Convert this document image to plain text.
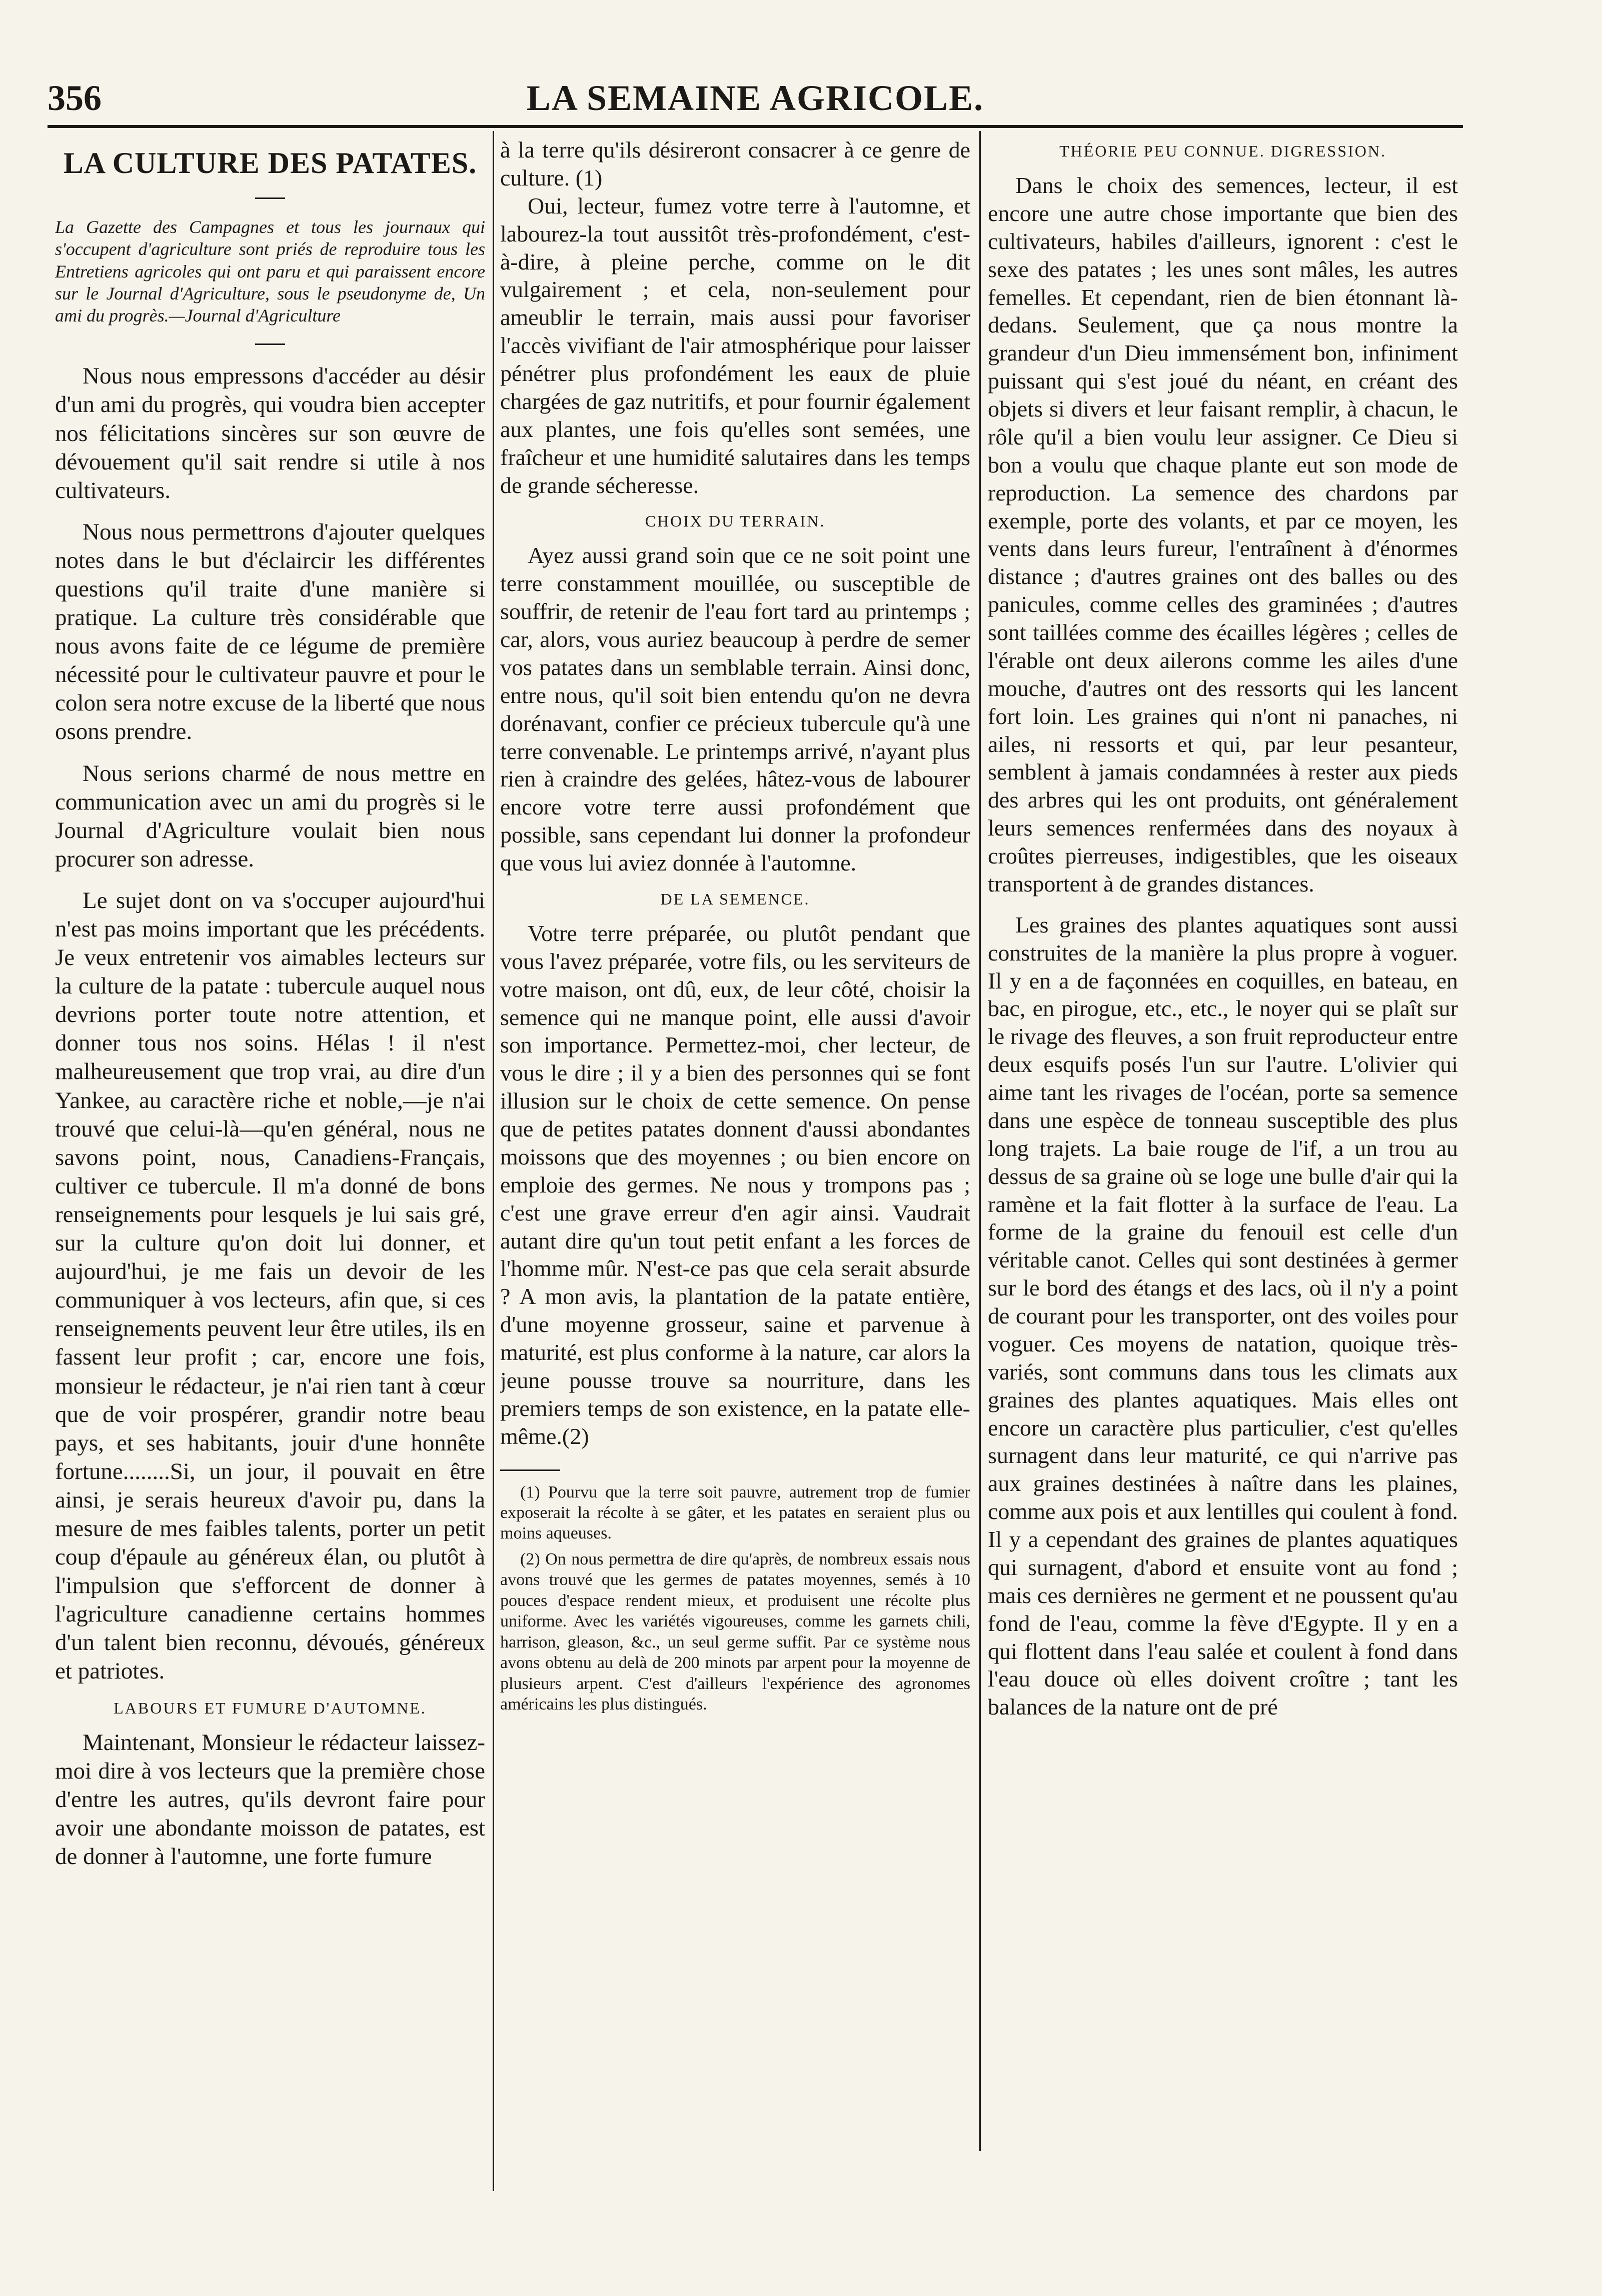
LA SEMAINE AGRICOLE.
356
LA CULTURE DES PATATES.

La Gazette des Campagnes et tous les journaux qui s'occupent d'agriculture sont priés de reproduire tous les Entretiens agricoles qui ont paru et qui paraissent encore sur le Journal d'Agriculture, sous le pseudonyme de, Un ami du progrès.—Journal d'Agriculture

Nous nous empressons d'accéder au désir d'un ami du progrès, qui voudra bien accepter nos félicitations sincères sur son œuvre de dévouement qu'il sait rendre si utile à nos cultivateurs.

Nous nous permettrons d'ajouter quelques notes dans le but d'éclaircir les différentes questions qu'il traite d'une manière si pratique. La culture très considérable que nous avons faite de ce légume de première nécessité pour le cultivateur pauvre et pour le colon sera notre excuse de la liberté que nous osons prendre.

Nous serions charmé de nous mettre en communication avec un ami du progrès si le Journal d'Agriculture voulait bien nous procurer son adresse.

Le sujet dont on va s'occuper aujourd'hui n'est pas moins important que les précédents. Je veux entretenir vos aimables lecteurs sur la culture de la patate : tubercule auquel nous devrions porter toute notre attention, et donner tous nos soins. Hélas ! il n'est malheureusement que trop vrai, au dire d'un Yankee, au caractère riche et noble,—je n'ai trouvé que celui-là—qu'en général, nous ne savons point, nous, Canadiens-Français, cultiver ce tubercule. Il m'a donné de bons renseignements pour lesquels je lui sais gré, sur la culture qu'on doit lui donner, et aujourd'hui, je me fais un devoir de les communiquer à vos lecteurs, afin que, si ces renseignements peuvent leur être utiles, ils en fassent leur profit ; car, encore une fois, monsieur le rédacteur, je n'ai rien tant à cœur que de voir prospérer, grandir notre beau pays, et ses habitants, jouir d'une honnête fortune........Si, un jour, il pouvait en être ainsi, je serais heureux d'avoir pu, dans la mesure de mes faibles talents, porter un petit coup d'épaule au généreux élan, ou plutôt à l'impulsion que s'efforcent de donner à l'agriculture canadienne certains hommes d'un talent bien reconnu, dévoués, généreux et patriotes.

LABOURS ET FUMURE D'AUTOMNE.

Maintenant, Monsieur le rédacteur laissez-moi dire à vos lecteurs que la première chose d'entre les autres, qu'ils devront faire pour avoir une abondante moisson de patates, est de donner à l'automne, une forte fumure

à la terre qu'ils désireront consacrer à ce genre de culture. (1)

Oui, lecteur, fumez votre terre à l'automne, et labourez-la tout aussitôt très-profondément, c'est-à-dire, à pleine perche, comme on le dit vulgairement ; et cela, non-seulement pour ameublir le terrain, mais aussi pour favoriser l'accès vivifiant de l'air atmosphérique pour laisser pénétrer plus profondément les eaux de pluie chargées de gaz nutritifs, et pour fournir également aux plantes, une fois qu'elles sont semées, une fraîcheur et une humidité salutaires dans les temps de grande sécheresse.

CHOIX DU TERRAIN.

Ayez aussi grand soin que ce ne soit point une terre constamment mouillée, ou susceptible de souffrir, de retenir de l'eau fort tard au printemps ; car, alors, vous auriez beaucoup à perdre de semer vos patates dans un semblable terrain. Ainsi donc, entre nous, qu'il soit bien entendu qu'on ne devra dorénavant, confier ce précieux tubercule qu'à une terre convenable. Le printemps arrivé, n'ayant plus rien à craindre des gelées, hâtez-vous de labourer encore votre terre aussi profondément que possible, sans cependant lui donner la profondeur que vous lui aviez donnée à l'automne.

DE LA SEMENCE.

Votre terre préparée, ou plutôt pendant que vous l'avez préparée, votre fils, ou les serviteurs de votre maison, ont dû, eux, de leur côté, choisir la semence qui ne manque point, elle aussi d'avoir son importance. Permettez-moi, cher lecteur, de vous le dire ; il y a bien des personnes qui se font illusion sur le choix de cette semence. On pense que de petites patates donnent d'aussi abondantes moissons que des moyennes ; ou bien encore on emploie des germes. Ne nous y trompons pas ; c'est une grave erreur d'en agir ainsi. Vaudrait autant dire qu'un tout petit enfant a les forces de l'homme mûr. N'est-ce pas que cela serait absurde ? A mon avis, la plantation de la patate entière, d'une moyenne grosseur, saine et parvenue à maturité, est plus conforme à la nature, car alors la jeune pousse trouve sa nourriture, dans les premiers temps de son existence, en la patate elle-même.(2)

(1) Pourvu que la terre soit pauvre, autrement trop de fumier exposerait la récolte à se gâter, et les patates en seraient plus ou moins aqueuses.

(2) On nous permettra de dire qu'après, de nombreux essais nous avons trouvé que les germes de patates moyennes, semés à 10 pouces d'espace rendent mieux, et produisent une récolte plus uniforme. Avec les variétés vigoureuses, comme les garnets chili, harrison, gleason, &c., un seul germe suffit. Par ce système nous avons obtenu au delà de 200 minots par arpent pour la moyenne de plusieurs arpent. C'est d'ailleurs l'expérience des agronomes américains les plus distingués.

THÉORIE PEU CONNUE. DIGRESSION.

Dans le choix des semences, lecteur, il est encore une autre chose importante que bien des cultivateurs, habiles d'ailleurs, ignorent : c'est le sexe des patates ; les unes sont mâles, les autres femelles. Et cependant, rien de bien étonnant là-dedans. Seulement, que ça nous montre la grandeur d'un Dieu immensément bon, infiniment puissant qui s'est joué du néant, en créant des objets si divers et leur faisant remplir, à chacun, le rôle qu'il a bien voulu leur assigner. Ce Dieu si bon a voulu que chaque plante eut son mode de reproduction. La semence des chardons par exemple, porte des volants, et par ce moyen, les vents dans leurs fureur, l'entraînent à d'énormes distance ; d'autres graines ont des balles ou des panicules, comme celles des graminées ; d'autres sont taillées comme des écailles légères ; celles de l'érable ont deux ailerons comme les ailes d'une mouche, d'autres ont des ressorts qui les lancent fort loin. Les graines qui n'ont ni panaches, ni ailes, ni ressorts et qui, par leur pesanteur, semblent à jamais condamnées à rester aux pieds des arbres qui les ont produits, ont généralement leurs semences renfermées dans des noyaux à croûtes pierreuses, indigestibles, que les oiseaux transportent à de grandes distances.

Les graines des plantes aquatiques sont aussi construites de la manière la plus propre à voguer. Il y en a de façonnées en coquilles, en bateau, en bac, en pirogue, etc., etc., le noyer qui se plaît sur le rivage des fleuves, a son fruit reproducteur entre deux esquifs posés l'un sur l'autre. L'olivier qui aime tant les rivages de l'océan, porte sa semence dans une espèce de tonneau susceptible des plus long trajets. La baie rouge de l'if, a un trou au dessus de sa graine où se loge une bulle d'air qui la ramène et la fait flotter à la surface de l'eau. La forme de la graine du fenouil est celle d'un véritable canot. Celles qui sont destinées à germer sur le bord des étangs et des lacs, où il n'y a point de courant pour les transporter, ont des voiles pour voguer. Ces moyens de natation, quoique très-variés, sont communs dans tous les climats aux graines des plantes aquatiques. Mais elles ont encore un caractère plus particulier, c'est qu'elles surnagent dans leur maturité, ce qui n'arrive pas aux graines destinées à naître dans les plaines, comme aux pois et aux lentilles qui coulent à fond. Il y a cependant des graines de plantes aquatiques qui surnagent, d'abord et ensuite vont au fond ; mais ces dernières ne germent et ne poussent qu'au fond de l'eau, comme la fève d'Egypte. Il y en a qui flottent dans l'eau salée et coulent à fond dans l'eau douce où elles doivent croître ; tant les balances de la nature ont de pré
